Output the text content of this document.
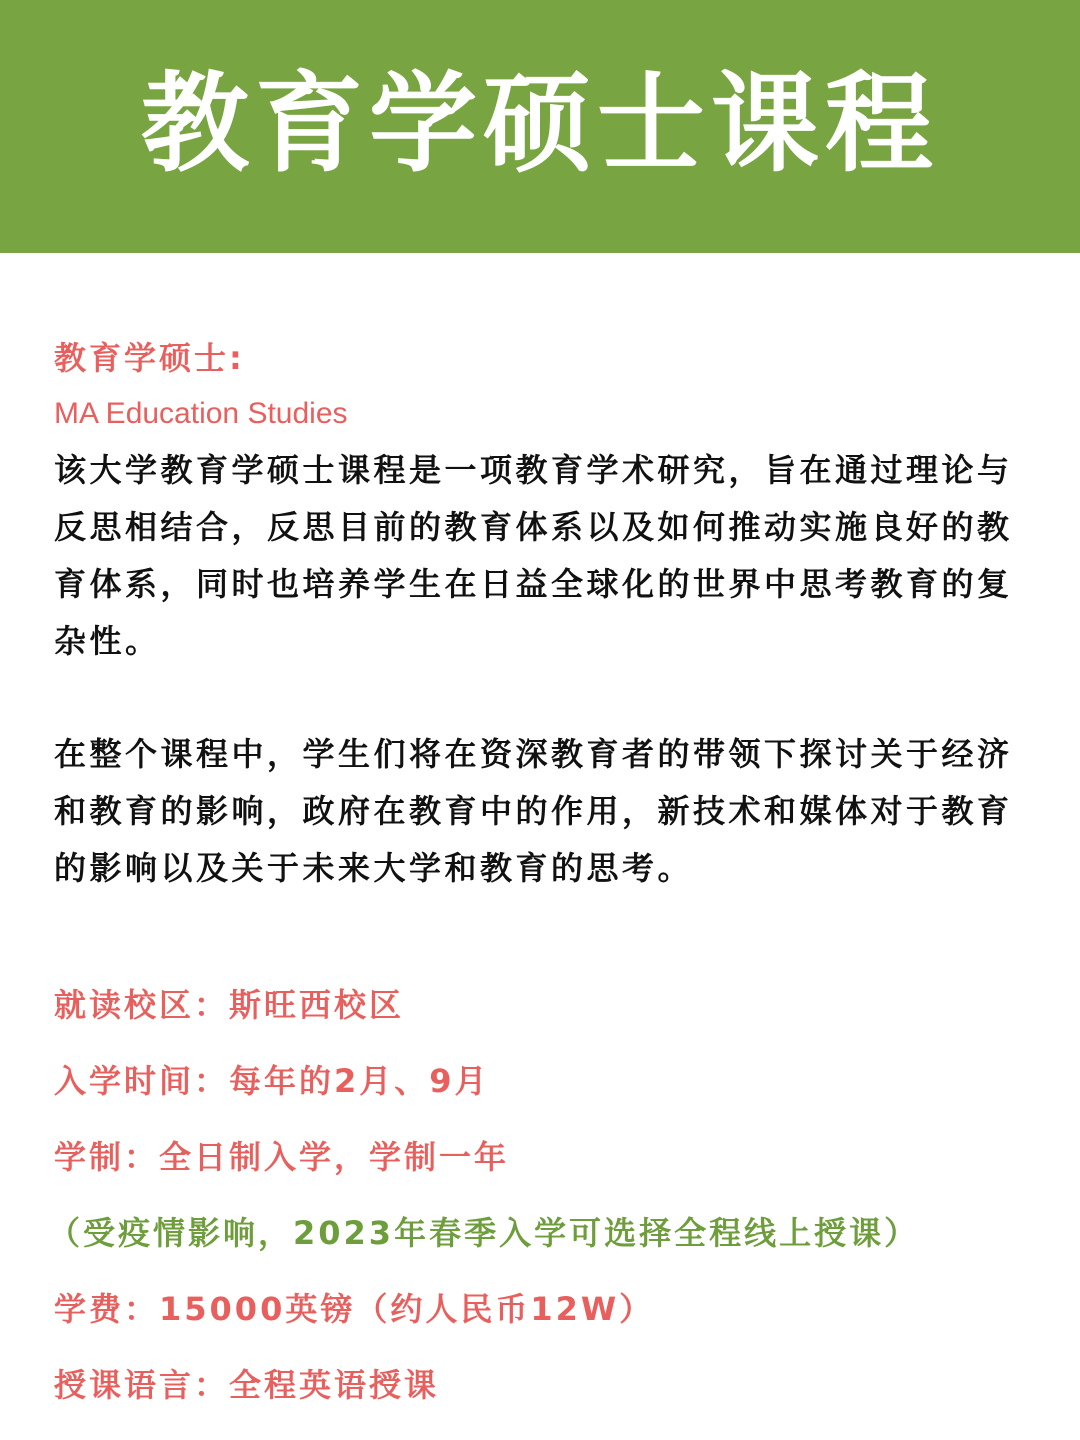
教育学硕士课程
教育学硕士:
MA Education Studies

该大学教育学硕士课程是一项教育学术研究，旨在通过理论与反思相结合，反思目前的教育体系以及如何推动实施良好的教育体系，同时也培养学生在日益全球化的世界中思考教育的复杂性。

在整个课程中，学生们将在资深教育者的带领下探讨关于经济和教育的影响，政府在教育中的作用，新技术和媒体对于教育的影响以及关于未来大学和教育的思考。

就读校区：斯旺西校区
入学时间：每年的2月、9月
学制：全日制入学，学制一年
（受疫情影响，2023年春季入学可选择全程线上授课）
学费：15000英镑（约人民币12W）
授课语言：全程英语授课
